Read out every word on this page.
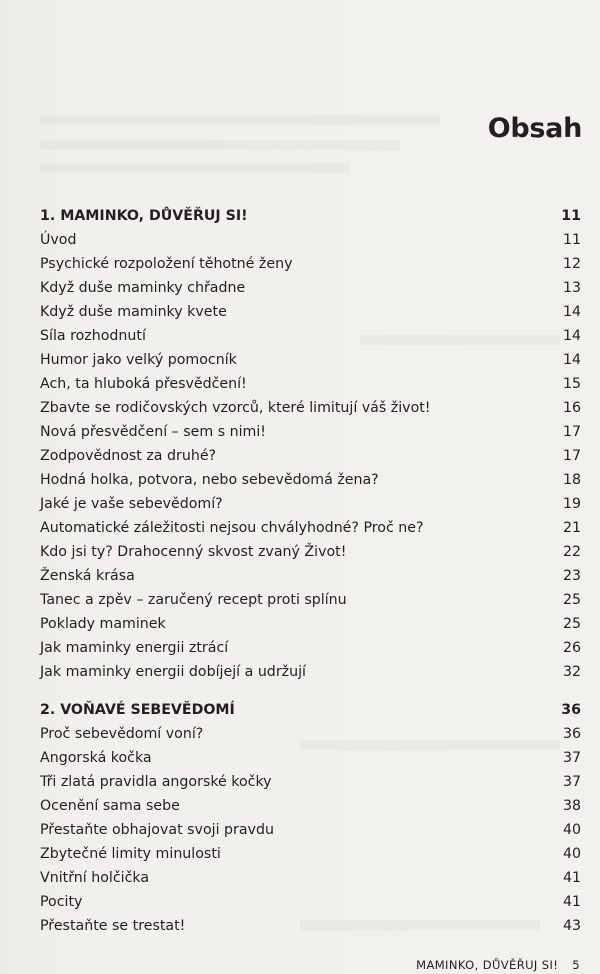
Obsah
1. MAMINKO, DŮVĚŘUJ SI!	11
Úvod	11
Psychické rozpoložení těhotné ženy	12
Když duše maminky chřadne	13
Když duše maminky kvete	14
Síla rozhodnutí	14
Humor jako velký pomocník	14
Ach, ta hluboká přesvědčení!	15
Zbavte se rodičovských vzorců, které limitují váš život!	16
Nová přesvědčení – sem s nimi!	17
Zodpovědnost za druhé?	17
Hodná holka, potvora, nebo sebevědomá žena?	18
Jaké je vaše sebevědomí?	19
Automatické záležitosti nejsou chvályhodné? Proč ne?	21
Kdo jsi ty? Drahocenný skvost zvaný Život!	22
Ženská krása	23
Tanec a zpěv – zaručený recept proti splínu	25
Poklady maminek	25
Jak maminky energii ztrácí	26
Jak maminky energii dobíjejí a udržují	32
2. VOŇAVÉ SEBEVĚDOMÍ	36
Proč sebevědomí voní?	36
Angorská kočka	37
Tři zlatá pravidla angorské kočky	37
Ocenění sama sebe	38
Přestaňte obhajovat svoji pravdu	40
Zbytečné limity minulosti	40
Vnitřní holčička	41
Pocity	41
Přestaňte se trestat!	43
MAMINKO, DŮVĚŘUJ SI! 5
